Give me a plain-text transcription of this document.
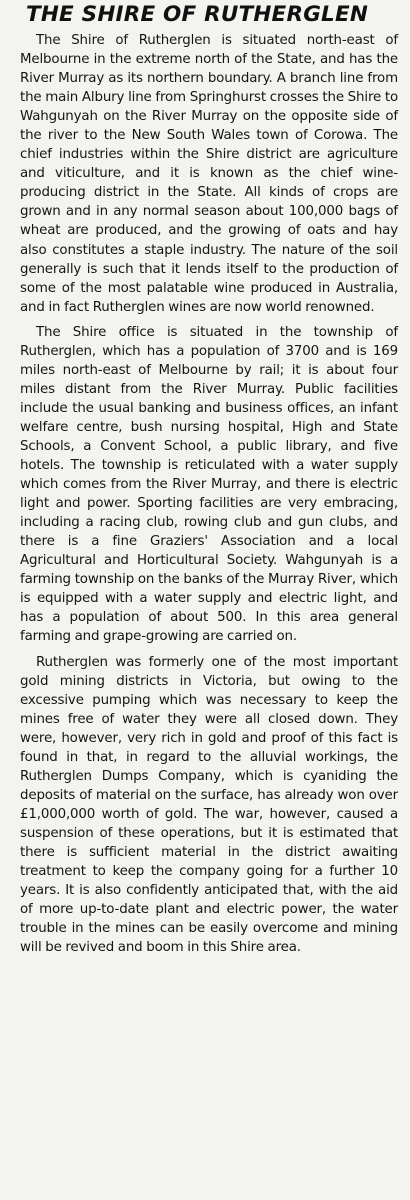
THE SHIRE OF RUTHERGLEN

The Shire of Rutherglen is situated north-east of Melbourne in the extreme north of the State, and has the River Murray as its northern boundary. A branch line from the main Albury line from Springhurst crosses the Shire to Wahgunyah on the River Murray on the opposite side of the river to the New South Wales town of Corowa. The chief industries within the Shire district are agriculture and viticulture, and it is known as the chief wine-producing district in the State. All kinds of crops are grown and in any normal season about 100,000 bags of wheat are produced, and the growing of oats and hay also constitutes a staple industry. The nature of the soil generally is such that it lends itself to the production of some of the most palatable wine produced in Australia, and in fact Rutherglen wines are now world renowned.

The Shire office is situated in the township of Rutherglen, which has a population of 3700 and is 169 miles north-east of Melbourne by rail; it is about four miles distant from the River Murray. Public facilities include the usual banking and business offices, an infant welfare centre, bush nursing hospital, High and State Schools, a Convent School, a public library, and five hotels. The township is reticulated with a water supply which comes from the River Murray, and there is electric light and power. Sporting facilities are very embracing, including a racing club, rowing club and gun clubs, and there is a fine Graziers' Association and a local Agricultural and Horticultural Society. Wahgunyah is a farming township on the banks of the Murray River, which is equipped with a water supply and electric light, and has a population of about 500. In this area general farming and grape-growing are carried on.

Rutherglen was formerly one of the most important gold mining districts in Victoria, but owing to the excessive pumping which was necessary to keep the mines free of water they were all closed down. They were, however, very rich in gold and proof of this fact is found in that, in regard to the alluvial workings, the Rutherglen Dumps Company, which is cyaniding the deposits of material on the surface, has already won over £1,000,000 worth of gold. The war, however, caused a suspension of these operations, but it is estimated that there is sufficient material in the district awaiting treatment to keep the company going for a further 10 years. It is also confidently anticipated that, with the aid of more up-to-date plant and electric power, the water trouble in the mines can be easily overcome and mining will be revived and boom in this Shire area.
